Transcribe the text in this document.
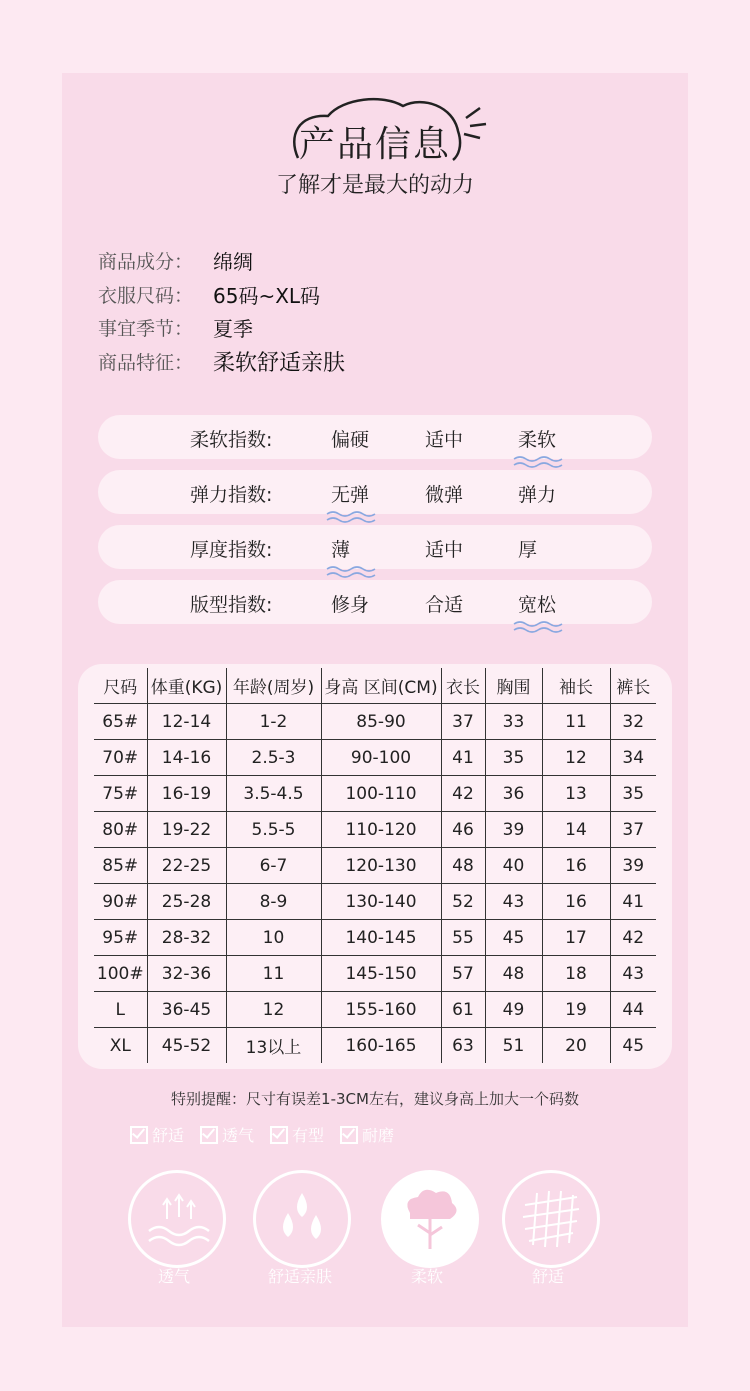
产品信息
了解才是最大的动力
商品成分： 绵绸
衣服尺码： 65码~XL码
事宜季节： 夏季
商品特征： 柔软舒适亲肤
柔软指数:	偏硬	适中	柔软
弹力指数:	无弹	微弹	弹力
厚度指数:	薄	适中	厚
版型指数:	修身	合适	宽松
尺码	体重(KG)	年龄(周岁)	身高 区间(CM)	衣长	胸围	袖长	裤长
65#	12-14	1-2	85-90	37	33	11	32
70#	14-16	2.5-3	90-100	41	35	12	34
75#	16-19	3.5-4.5	100-110	42	36	13	35
80#	19-22	5.5-5	110-120	46	39	14	37
85#	22-25	6-7	120-130	48	40	16	39
90#	25-28	8-9	130-140	52	43	16	41
95#	28-32	10	140-145	55	45	17	42
100#	32-36	11	145-150	57	48	18	43
L	36-45	12	155-160	61	49	19	44
XL	45-52	13以上	160-165	63	51	20	45
特别提醒：尺寸有误差1-3CM左右，建议身高上加大一个码数
舒适 透气 有型 耐磨
透气	舒适亲肤	柔软	舒适
